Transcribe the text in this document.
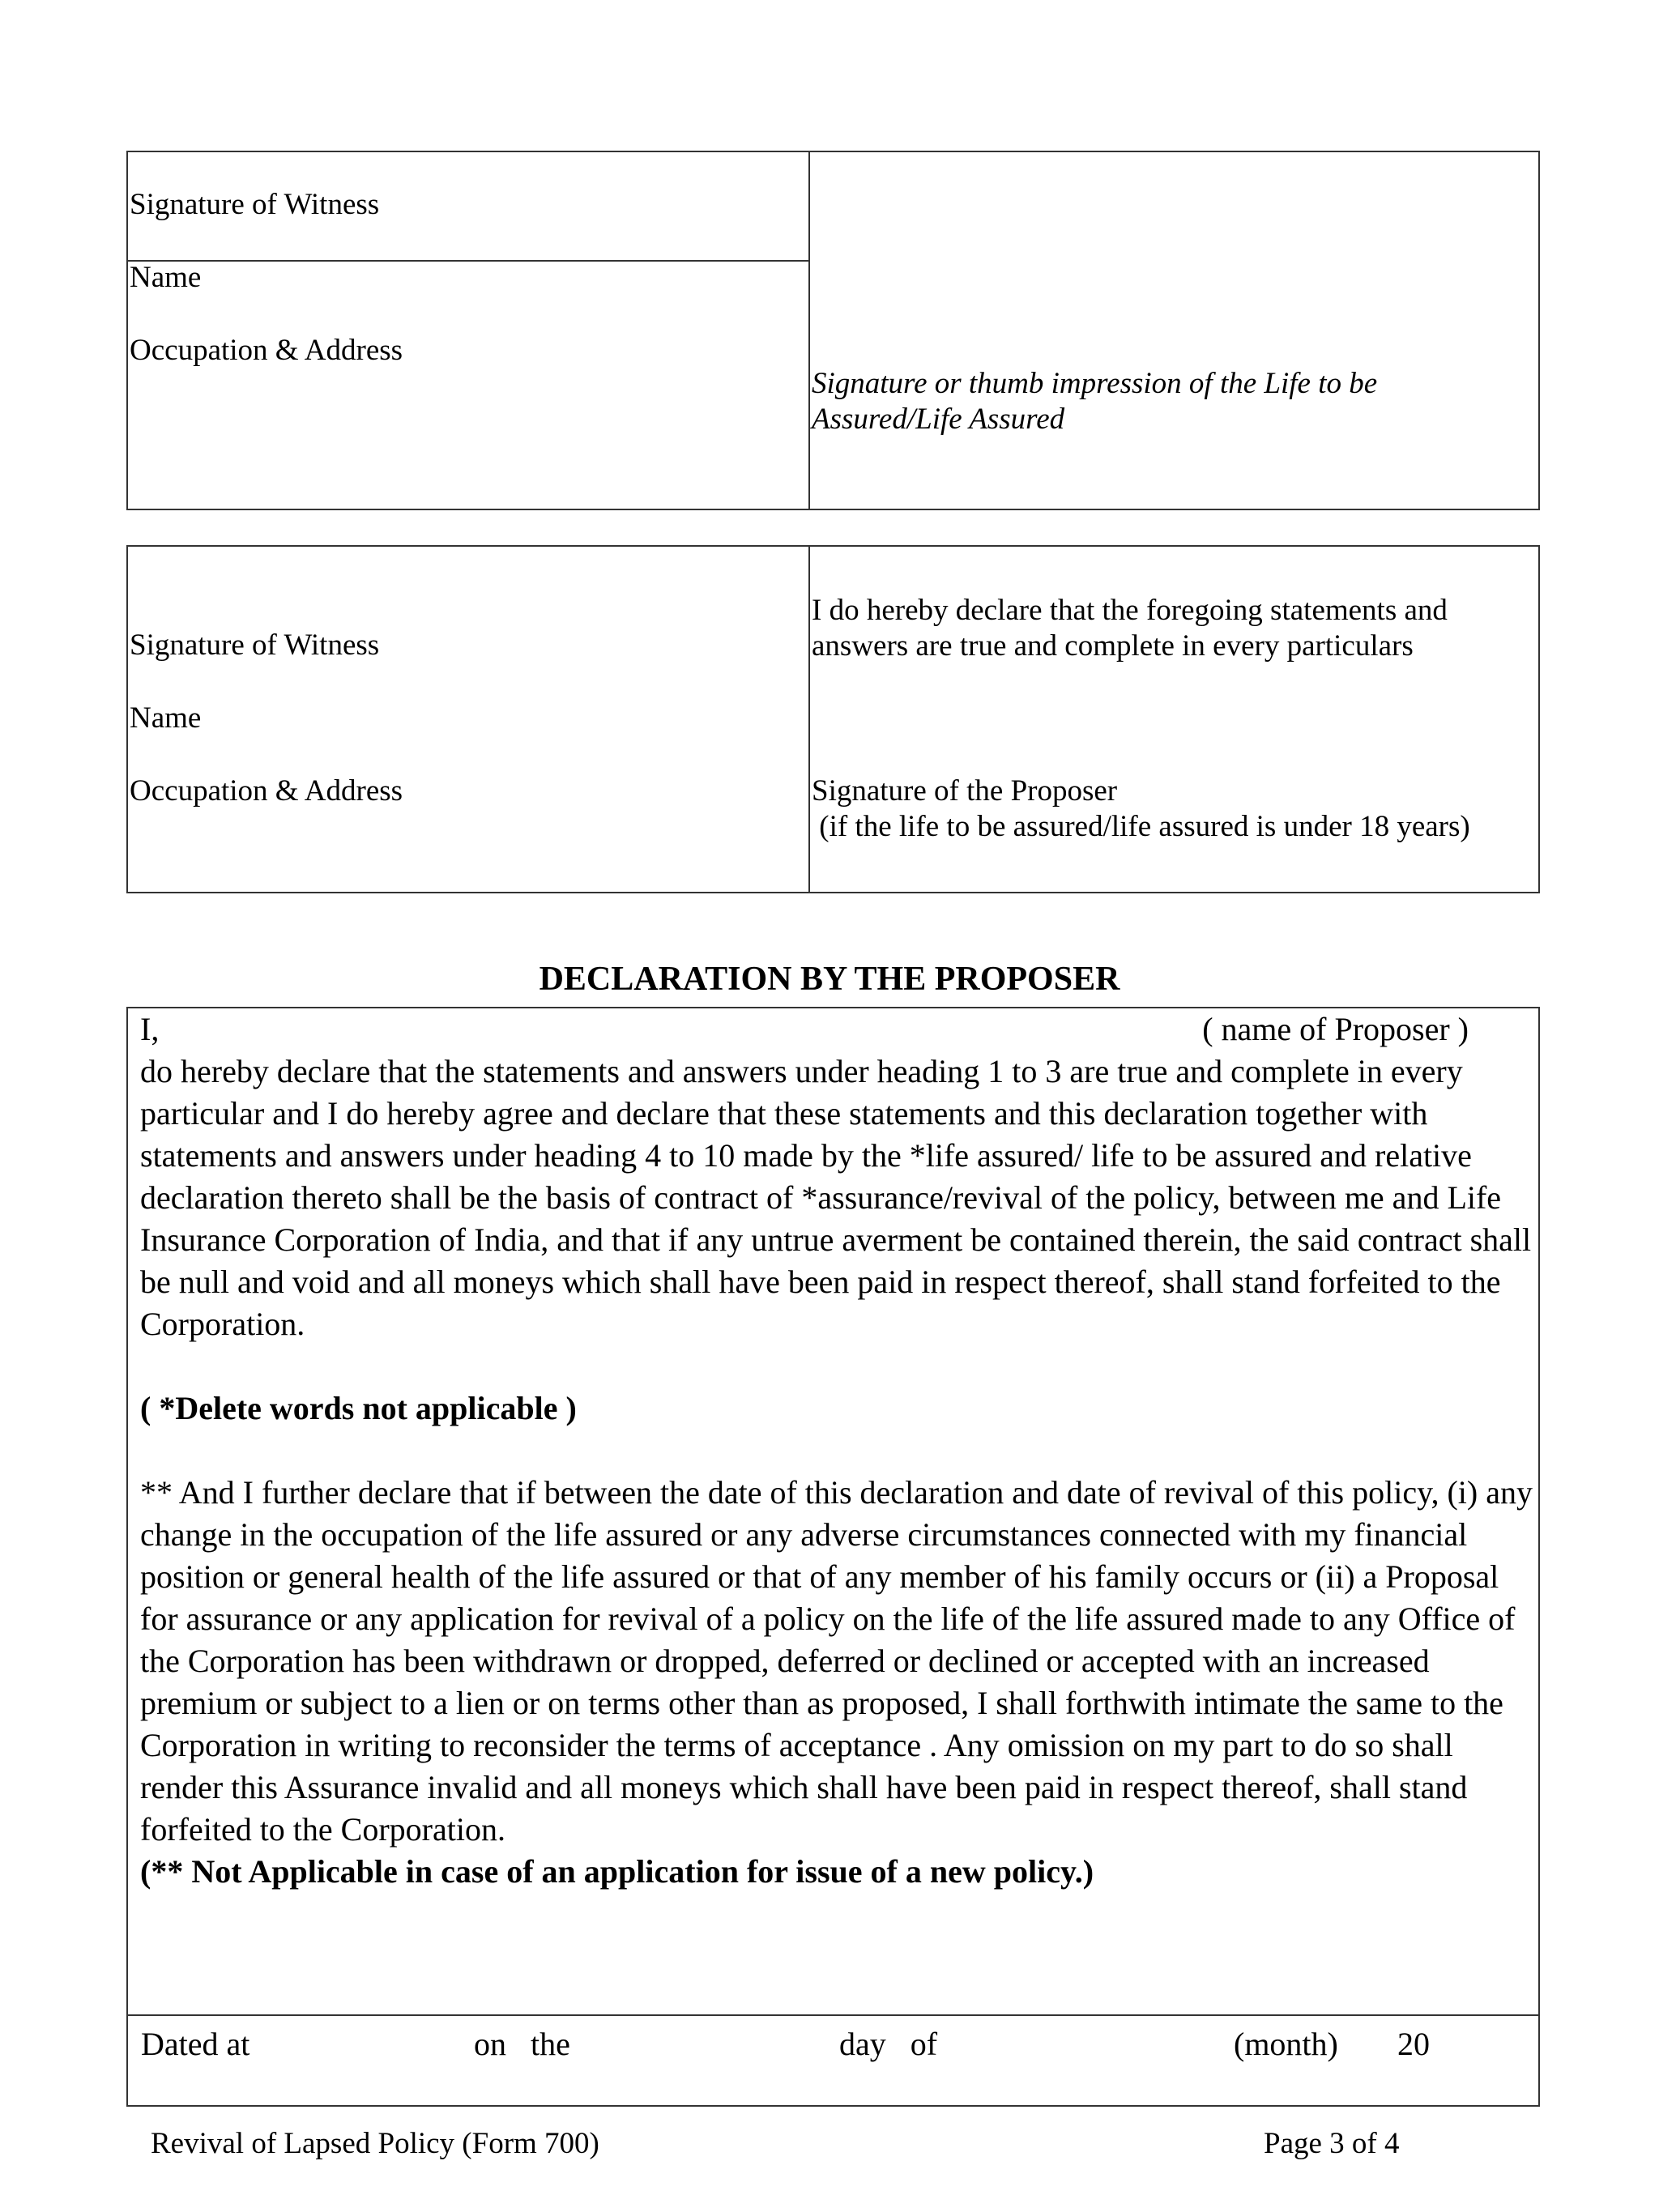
Signature of Witness
Name
Occupation & Address
Signature or thumb impression of the Life to be
Assured/Life Assured
Signature of Witness
Name
Occupation & Address
I do hereby declare that the foregoing statements and
answers are true and complete in every particulars
Signature of the Proposer
(if the life to be assured/life assured is under 18 years)
DECLARATION BY THE PROPOSER
I,	( name of Proposer )

do hereby declare that the statements and answers under heading 1 to 3 are true and complete in every particular and I do hereby agree and declare that these statements and this declaration together with statements and answers under heading 4 to 10 made by the *life assured/ life to be assured and relative declaration thereto shall be the basis of contract of *assurance/revival of the policy, between me and Life Insurance Corporation of India, and that if any untrue averment be contained therein, the said contract shall be null and void and all moneys which shall have been paid in respect thereof, shall stand forfeited to the Corporation.

( *Delete words not applicable )

** And I further declare that if between the date of this declaration and date of revival of this policy, (i) any change in the occupation of the life assured or any adverse circumstances connected with my financial position or general health of the life assured or that of any member of his family occurs or (ii) a Proposal for assurance or any application for revival of a policy on the life of the life assured made to any Office of the Corporation has been withdrawn or dropped, deferred or declined or accepted with an increased premium or subject to a lien or on terms other than as proposed, I shall forthwith intimate the same to the Corporation in writing to reconsider the terms of acceptance . Any omission on my part to do so shall render this Assurance invalid and all moneys which shall have been paid in respect thereof, shall stand forfeited to the Corporation.

(** Not Applicable in case of an application for issue of a new policy.)

Dated at	on   the	day   of	(month) 20
Revival of Lapsed Policy (Form 700)	Page 3 of 4
